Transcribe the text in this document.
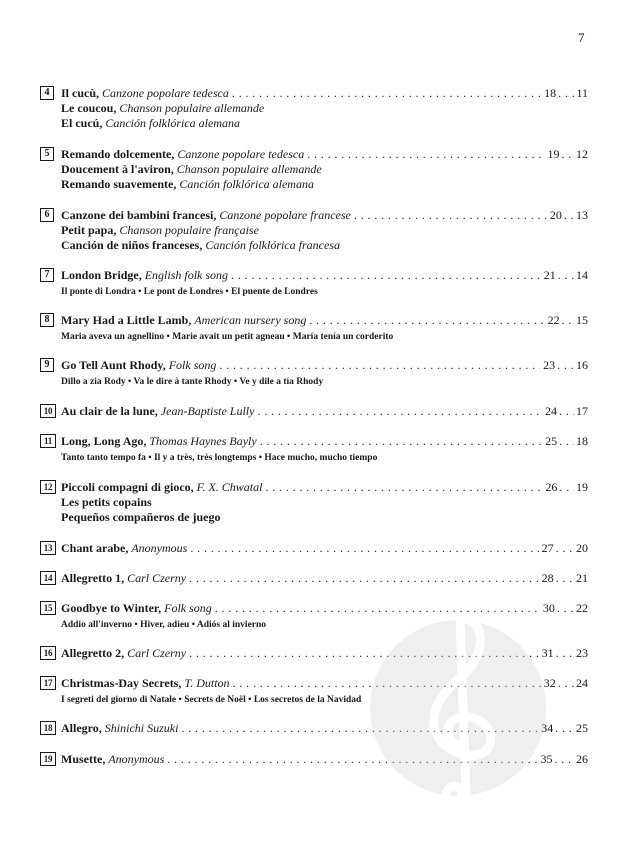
7
4 Il cucù,
Canzone popolare tedesca . . .	18 . . . 11
Le coucou, Chanson populaire allemande
El cucú, Canción folklórica alemana
5 Remando dolcemente,
Canzone popolare tedesca . . .	19 . . . 12
Doucement à l'aviron, Chanson populaire allemande
Remando suavemente, Canción folklórica alemana
6 Canzone dei bambini francesi,
Canzone popolare francese . . .	20 . . . 13
Petit papa, Chanson populaire française
Canción de niños franceses, Canción folklórica francesa
7 London Bridge,
English folk song . . .	21 . . . 14
Il ponte di Londra • Le pont de Londres • El puente de Londres
8 Mary Had a Little Lamb,
American nursery song . . .	22 . . . 15
Maria aveva un agnellino • Marie avait un petit agneau • María tenía un corderito
9 Go Tell Aunt Rhody,
Folk song . . .	23 . . . 16
Dillo a zia Rody • Va le dire à tante Rhody • Ve y dile a tía Rhody
10 Au clair de la lune,
Jean-Baptiste Lully . . .	24 . . . 17
11 Long, Long Ago,
Thomas Haynes Bayly . . .	25 . . . 18
Tanto tanto tempo fa • Il y a très, très longtemps • Hace mucho, mucho tiempo
12 Piccoli compagni di gioco,
F. X. Chwatal . . .	26 . . . 19
Les petits copains
Pequeños compañeros de juego
13 Chant arabe,
Anonymous . . .	27 . . . 20
14 Allegretto 1,
Carl Czerny . . .	28 . . . 21
15 Goodbye to Winter,
Folk song . . .	30 . . . 22
Addio all'inverno • Hiver, adieu • Adiós al invierno
16 Allegretto 2,
Carl Czerny . . .	31 . . . 23
17 Christmas-Day Secrets,
T. Dutton . . .	32 . . . 24
I segreti del giorno di Natale • Secrets de Noël • Los secretos de la Navidad
18 Allegro,
Shinichi Suzuki . . .	34 . . . 25
19 Musette,
Anonymous . . .	35 . . . 26
